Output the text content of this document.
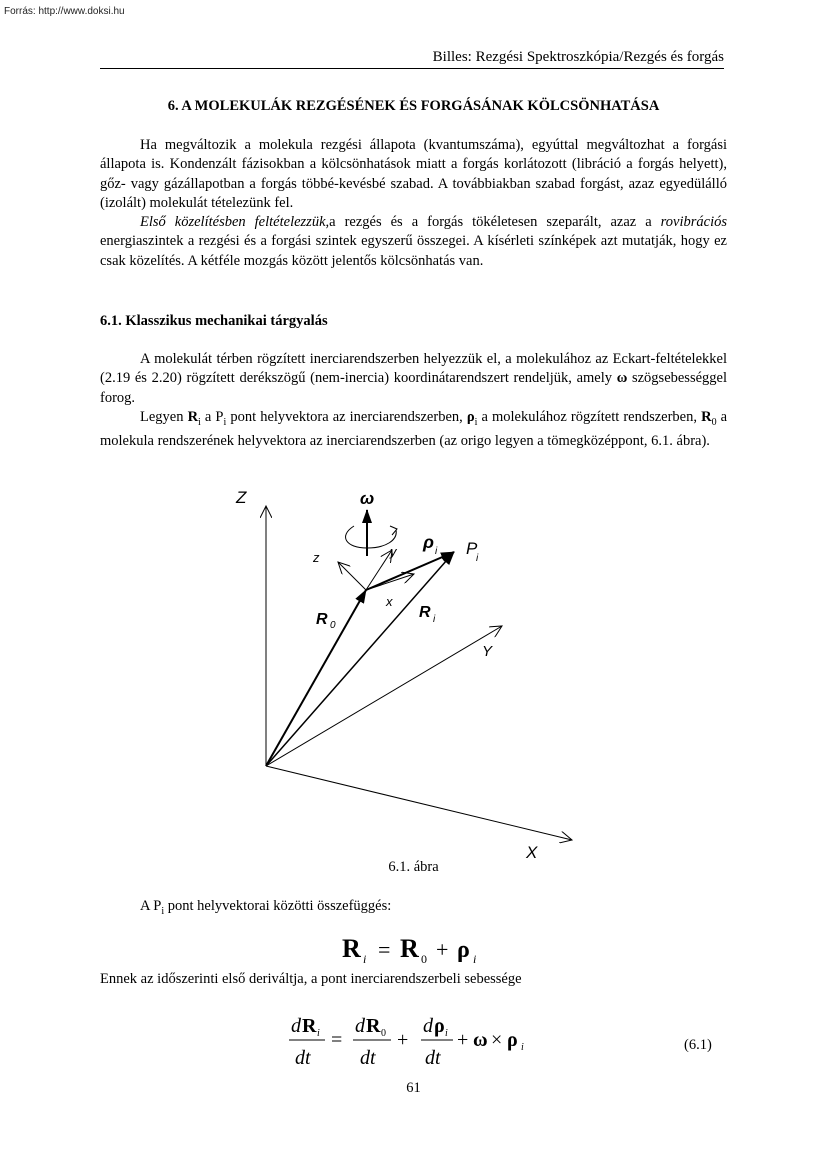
Forrás: http://www.doksi.hu
Billes: Rezgési Spektroszkópia/Rezgés és forgás
6. A MOLEKULÁK REZGÉSÉNEK ÉS FORGÁSÁNAK KÖLCSÖNHATÁSA

Ha megváltozik a molekula rezgési állapota (kvantumszáma), egyúttal megváltozhat a forgási állapota is. Kondenzált fázisokban a kölcsönhatások miatt a forgás korlátozott (libráció a forgás helyett), gőz- vagy gázállapotban a forgás többé-kevésbé szabad. A továbbiakban szabad forgást, azaz egyedülálló (izolált) molekulát tételezünk fel.

Első közelítésben feltételezzük,a rezgés és a forgás tökéletesen szeparált, azaz a rovibrációs energiaszintek a rezgési és a forgási szintek egyszerű összegei. A kísérleti színképek azt mutatják, hogy ez csak közelítés. A kétféle mozgás között jelentős kölcsönhatás van.

6.1. Klasszikus mechanikai tárgyalás

A molekulát térben rögzített inerciarendszerben helyezzük el, a molekulához az Eckart-feltételekkel (2.19 és 2.20) rögzített derékszögű (nem-inercia) koordinátarendszert rendeljük, amely ω szögsebességgel forog.

Legyen $R_i$ a $P_i$ pont helyvektora az inerciarendszerben, $\rho_i$ a molekulához rögzített rendszerben, $R_0$ a molekula rendszerének helyvektora az inerciarendszerben (az origo legyen a tömegközéppont, 6.1. ábra).

Z
Y
X
z	y
x
ω
ρ i P
i
R 0
R i
6.1. ábra

A $P_i$ pont helyvektorai közötti összefüggés:

R i = R 0 + ρ i

Ennek az időszerinti első deriváltja, a pont inerciarendszerbeli sebessége

d R i
dt
=
d R 0
dt
+
d ρ i
dt
+ ω × ρ i	(6.1)
61
